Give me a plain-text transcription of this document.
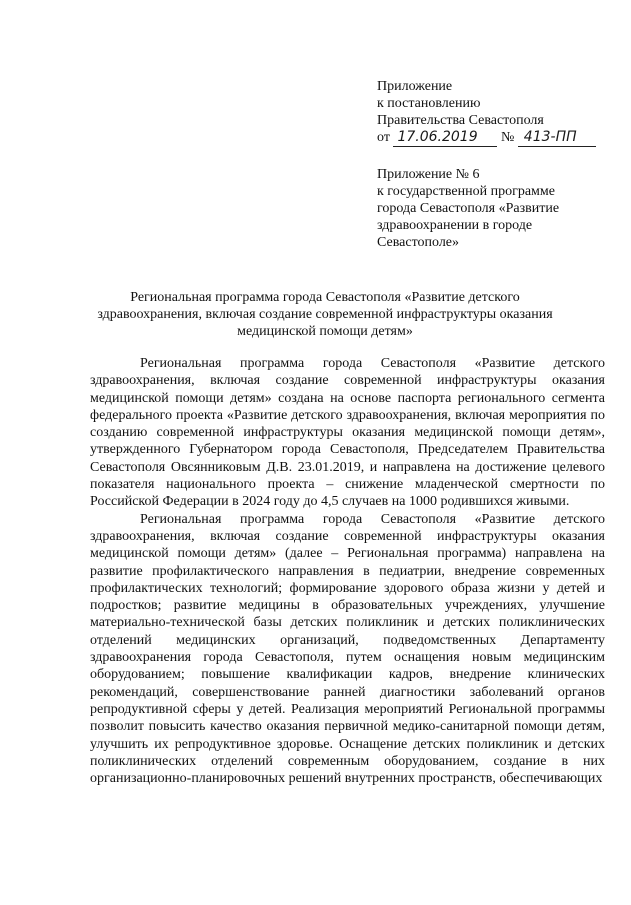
Приложение
к постановлению
Правительства Севастополя
от 17.06.2019 № 413-ПП
Приложение № 6
к государственной программе
города Севастополя «Развитие
здравоохранении в городе
Севастополе»
Региональная программа города Севастополя «Развитие детского здравоохранения, включая создание современной инфраструктуры оказания медицинской помощи детям»

Региональная программа города Севастополя «Развитие детского здравоохранения, включая создание современной инфраструктуры оказания медицинской помощи детям» создана на основе паспорта регионального сегмента федерального проекта «Развитие детского здравоохранения, включая мероприятия по созданию современной инфраструктуры оказания медицинской помощи детям», утвержденного Губернатором города Севастополя, Председателем Правительства Севастополя Овсянниковым Д.В. 23.01.2019, и направлена на достижение целевого показателя национального проекта – снижение младенческой смертности по Российской Федерации в 2024 году до 4,5 случаев на 1000 родившихся живыми.

Региональная программа города Севастополя «Развитие детского здравоохранения, включая создание современной инфраструктуры оказания медицинской помощи детям» (далее – Региональная программа) направлена на развитие профилактического направления в педиатрии, внедрение современных профилактических технологий; формирование здорового образа жизни у детей и подростков; развитие медицины в образовательных учреждениях, улучшение материально-технической базы детских поликлиник и детских поликлинических отделений медицинских организаций, подведомственных Департаменту здравоохранения города Севастополя, путем оснащения новым медицинским оборудованием; повышение квалификации кадров, внедрение клинических рекомендаций, совершенствование ранней диагностики заболеваний органов репродуктивной сферы у детей. Реализация мероприятий Региональной программы позволит повысить качество оказания первичной медико-санитарной помощи детям, улучшить их репродуктивное здоровье. Оснащение детских поликлиник и детских поликлинических отделений современным оборудованием, создание в них организационно-планировочных решений внутренних пространств, обеспечивающих
